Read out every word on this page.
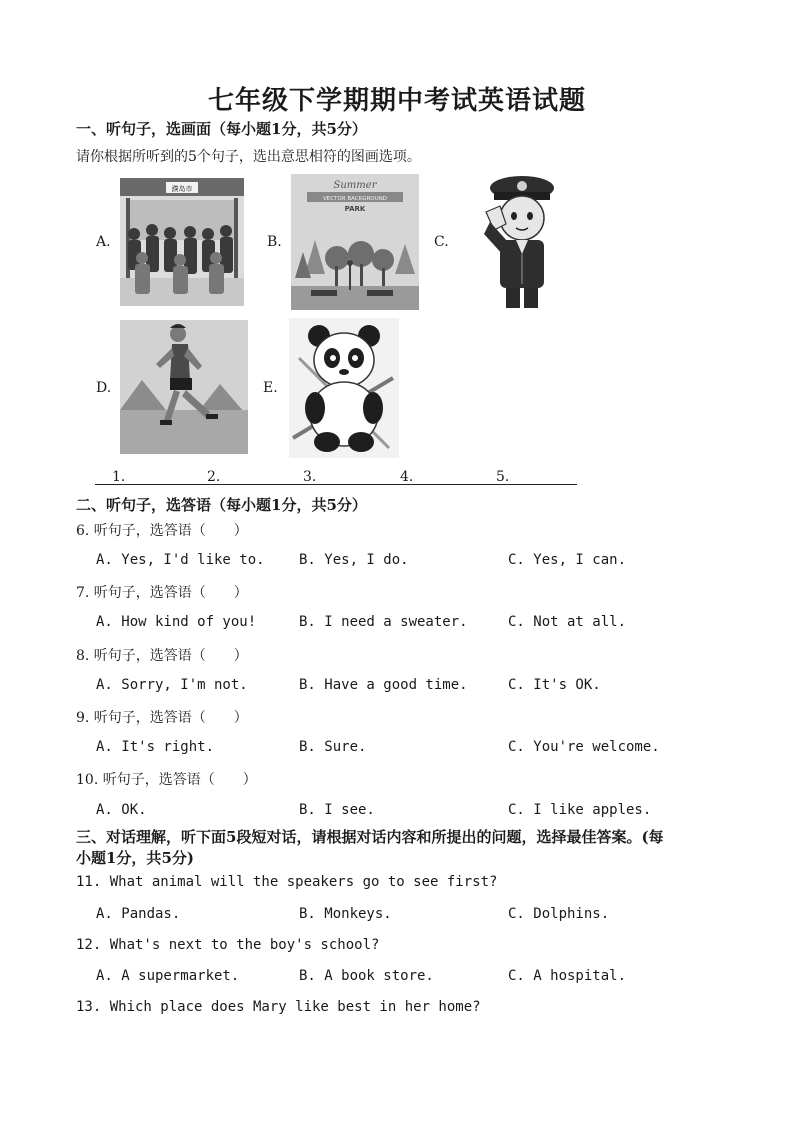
七年级下学期期中考试英语试题
一、听句子，选画面（每小题1分，共5分）
请你根据所听到的5个句子，选出意思相符的图画选项。
A.	B.	C.
D.	E.
濮岛市	Summer
VECTOR BACKGROUND
PARK
1.	2.	3.	4.	5.
二、听句子，选答语（每小题1分，共5分）
6. 听句子，选答语（　　）
A. Yes, I'd like to. B. Yes, I do.	C. Yes, I can.
7. 听句子，选答语（　　）
A. How kind of you!	B. I need a sweater.	C. Not at all.
8. 听句子，选答语（　　）
A. Sorry, I'm not.	B. Have a good time.	C. It's OK.
9. 听句子，选答语（　　）
A. It's right.	B. Sure.	C. You're welcome.
10. 听句子，选答语（　　）
A. OK.	B. I see.	C. I like apples.
三、对话理解，听下面5段短对话，请根据对话内容和所提出的问题，选择最佳答案。(每
小题1分，共5分)
11. What animal will the speakers go to see first?
A. Pandas.	B. Monkeys.	C. Dolphins.
12. What's next to the boy's school?
A. A supermarket.	B. A book store.	C. A hospital.
13. Which place does Mary like best in her home?
